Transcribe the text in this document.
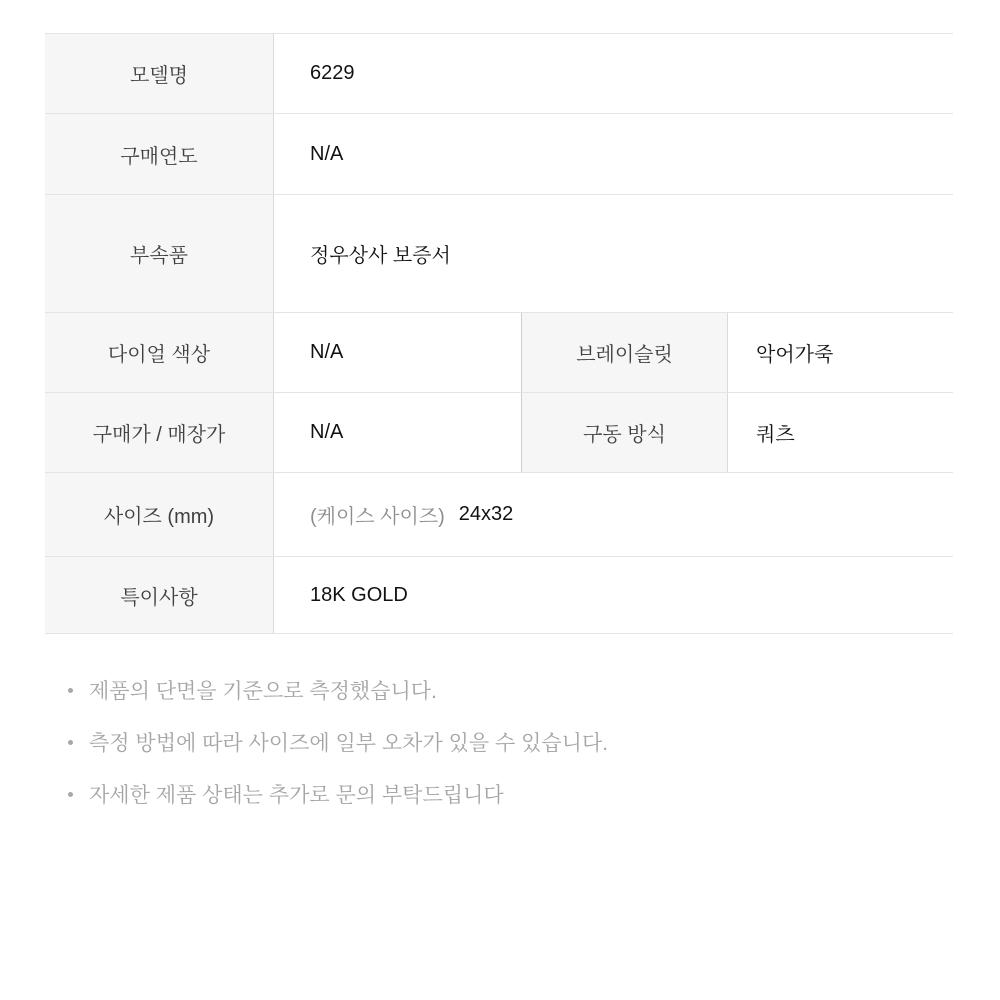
모델명	6229
구매연도	N/A
부속품	정우상사 보증서
다이얼 색상	N/A	브레이슬릿	악어가죽
구매가 / 매장가	N/A	구동 방식	쿼츠
사이즈 (mm)	(케이스 사이즈) 24x32
특이사항	18K GOLD
제품의 단면을 기준으로 측정했습니다.
측정 방법에 따라 사이즈에 일부 오차가 있을 수 있습니다.
자세한 제품 상태는 추가로 문의 부탁드립니다
